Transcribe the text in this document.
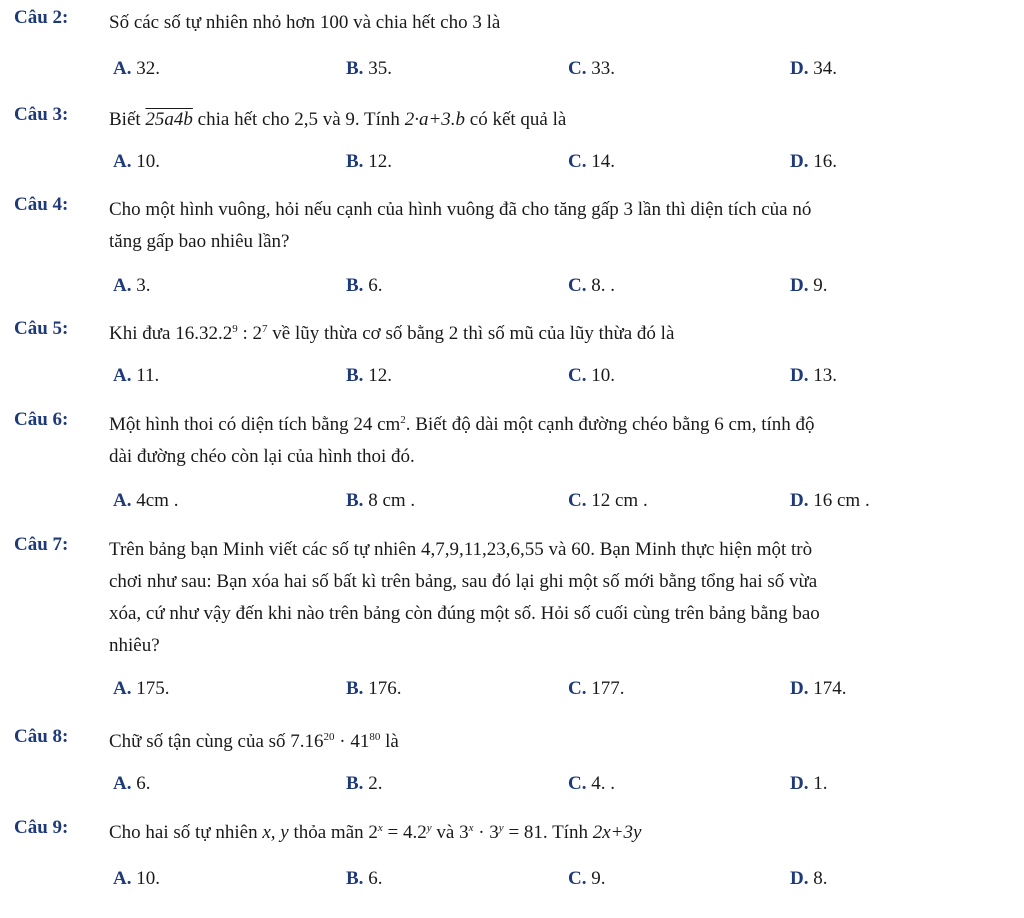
Câu 2: Số các số tự nhiên nhỏ hơn 100 và chia hết cho 3 là
A. 32.	B. 35.	C. 33.	D. 34.
Câu 3: Biết 25a4b chia hết cho 2,5 và 9. Tính 2·a+3.b có kết quả là
A. 10.	B. 12.	C. 14.	D. 16.
Câu 4: Cho một hình vuông, hỏi nếu cạnh của hình vuông đã cho tăng gấp 3 lần thì diện tích của nó
tăng gấp bao nhiêu lần?
A. 3.	B. 6.	C. 8. .	D. 9.
Câu 5: Khi đưa 16.32.2$^9$ : $2^7$ về lũy thừa cơ số bằng 2 thì số mũ của lũy thừa đó là
A. 11.	B. 12.	C. 10.	D. 13.
Câu 6: Một hình thoi có diện tích bằng 24 $cm^2$. Biết độ dài một cạnh đường chéo bằng 6 cm, tính độ
dài đường chéo còn lại của hình thoi đó.
A. 4cm .	B. 8 cm .	C. 12 cm .	D. 16 cm .
Câu 7: Trên bảng bạn Minh viết các số tự nhiên 4,7,9,11,23,6,55 và 60. Bạn Minh thực hiện một trò
chơi như sau: Bạn xóa hai số bất kì trên bảng, sau đó lại ghi một số mới bằng tổng hai số vừa
xóa, cứ như vậy đến khi nào trên bảng còn đúng một số. Hỏi số cuối cùng trên bảng bằng bao
nhiêu?
A. 175.	B. 176.	C. 177.	D. 174.
Câu 8: Chữ số tận cùng của số $7.16^{20} \cdot 41^{80}$ là
A. 6.	B. 2.	C. 4. .	D. 1.
Câu 9: Cho hai số tự nhiên x, y thỏa mãn $2^x = 4.2^y$ và $3^x \cdot 3^y = 81$. Tính 2x+3y
A. 10.	B. 6.	C. 9.	D. 8.
